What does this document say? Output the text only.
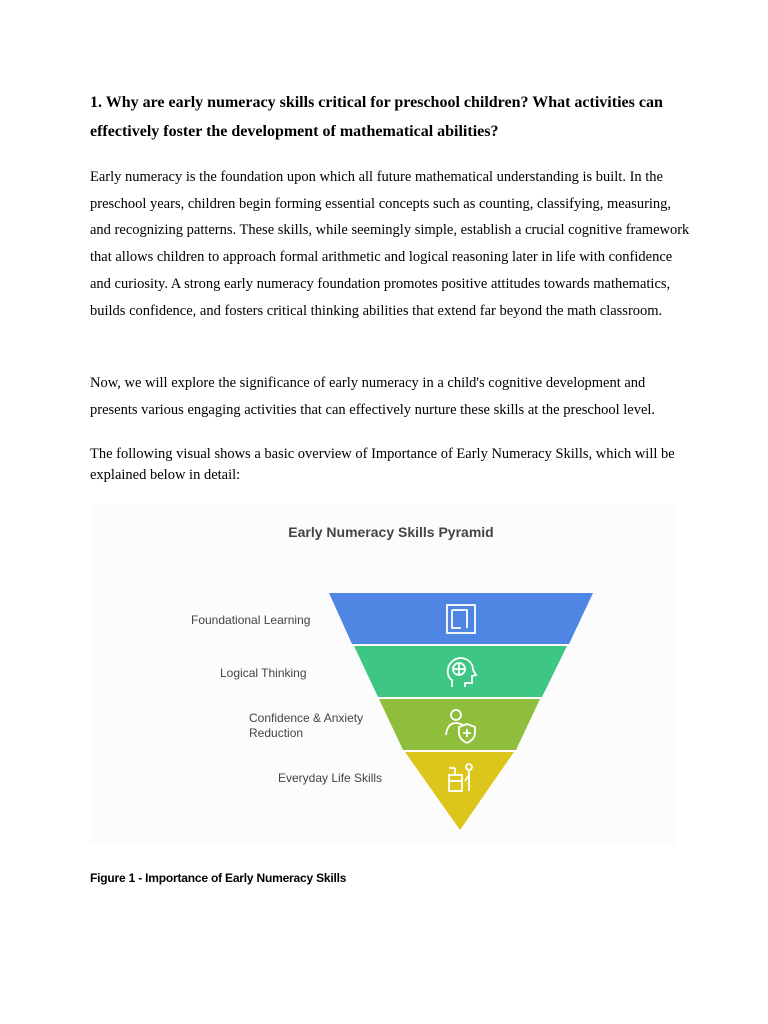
1. Why are early numeracy skills critical for preschool children? What activities can effectively foster the development of mathematical abilities?

Early numeracy is the foundation upon which all future mathematical understanding is built. In the preschool years, children begin forming essential concepts such as counting, classifying, measuring, and recognizing patterns. These skills, while seemingly simple, establish a crucial cognitive framework that allows children to approach formal arithmetic and logical reasoning later in life with confidence and curiosity. A strong early numeracy foundation promotes positive attitudes towards mathematics, builds confidence, and fosters critical thinking abilities that extend far beyond the math classroom.

Now, we will explore the significance of early numeracy in a child's cognitive development and presents various engaging activities that can effectively nurture these skills at the preschool level.

The following visual shows a basic overview of Importance of Early Numeracy Skills, which will be explained below in detail:

Early Numeracy Skills Pyramid
Foundational Learning
Logical Thinking
Confidence & Anxiety Reduction
Everyday Life Skills
Figure 1 - Importance of Early Numeracy Skills
